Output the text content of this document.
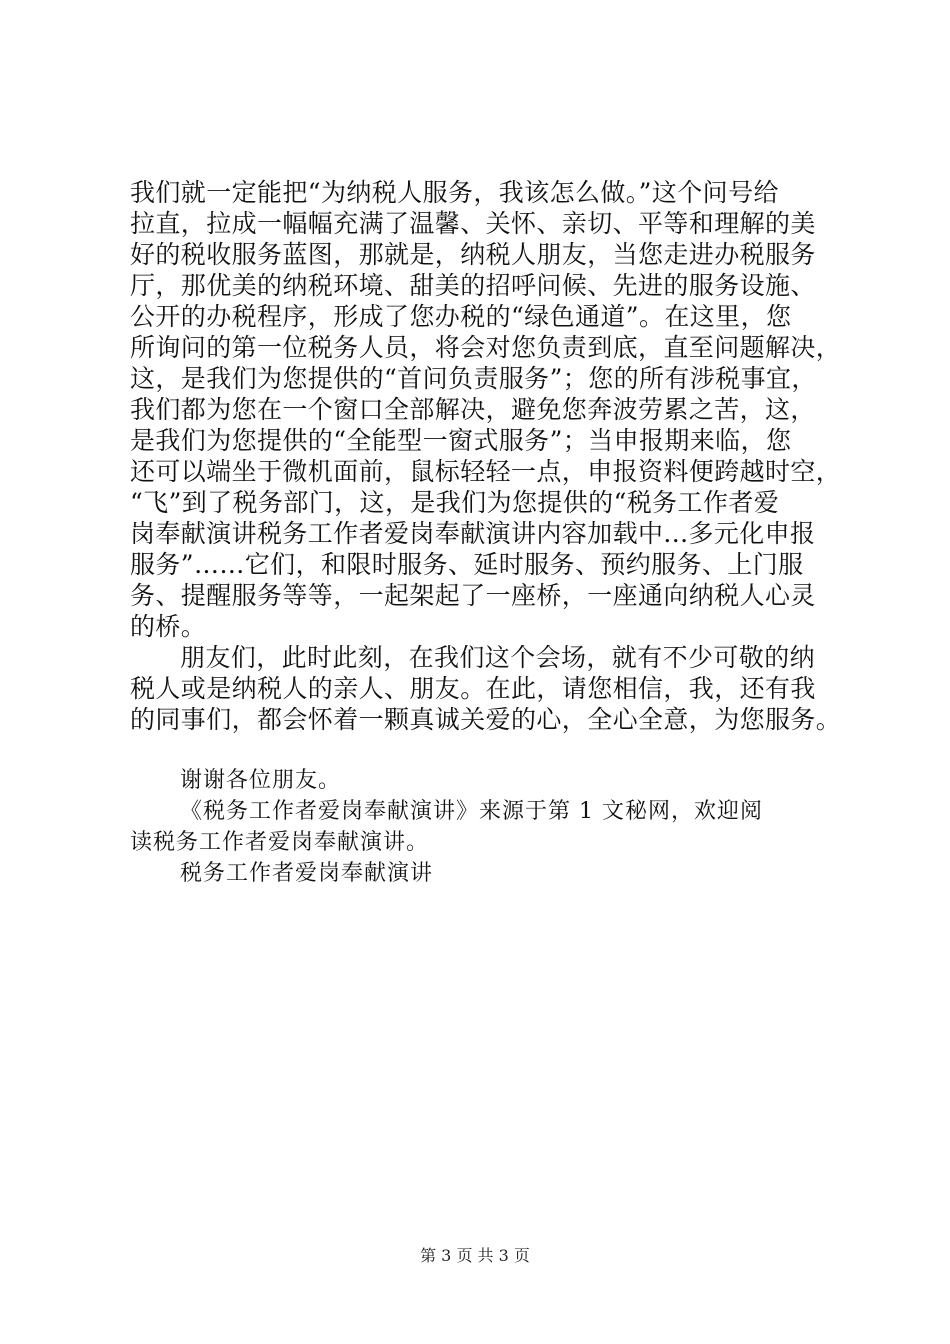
我们就一定能把“为纳税人服务，我该怎么做。”这个问号给
拉直，拉成一幅幅充满了温馨、关怀、亲切、平等和理解的美
好的税收服务蓝图，那就是，纳税人朋友，当您走进办税服务
厅，那优美的纳税环境、甜美的招呼问候、先进的服务设施、
公开的办税程序，形成了您办税的“绿色通道”。在这里，您
所询问的第一位税务人员，将会对您负责到底，直至问题解决，
这，是我们为您提供的“首问负责服务”；您的所有涉税事宜，
我们都为您在一个窗口全部解决，避免您奔波劳累之苦，这，
是我们为您提供的“全能型一窗式服务”；当申报期来临，您
还可以端坐于微机面前，鼠标轻轻一点，申报资料便跨越时空，
“飞”到了税务部门，这，是我们为您提供的“税务工作者爱
岗奉献演讲税务工作者爱岗奉献演讲内容加载中...多元化申报
服务”……它们，和限时服务、延时服务、预约服务、上门服
务、提醒服务等等，一起架起了一座桥，一座通向纳税人心灵
的桥。
朋友们，此时此刻，在我们这个会场，就有不少可敬的纳
税人或是纳税人的亲人、朋友。在此，请您相信，我，还有我
的同事们，都会怀着一颗真诚关爱的心，全心全意，为您服务。
谢谢各位朋友。
《税务工作者爱岗奉献演讲》来源于第 1 文秘网，欢迎阅
读税务工作者爱岗奉献演讲。
税务工作者爱岗奉献演讲
第 3 页 共 3 页
